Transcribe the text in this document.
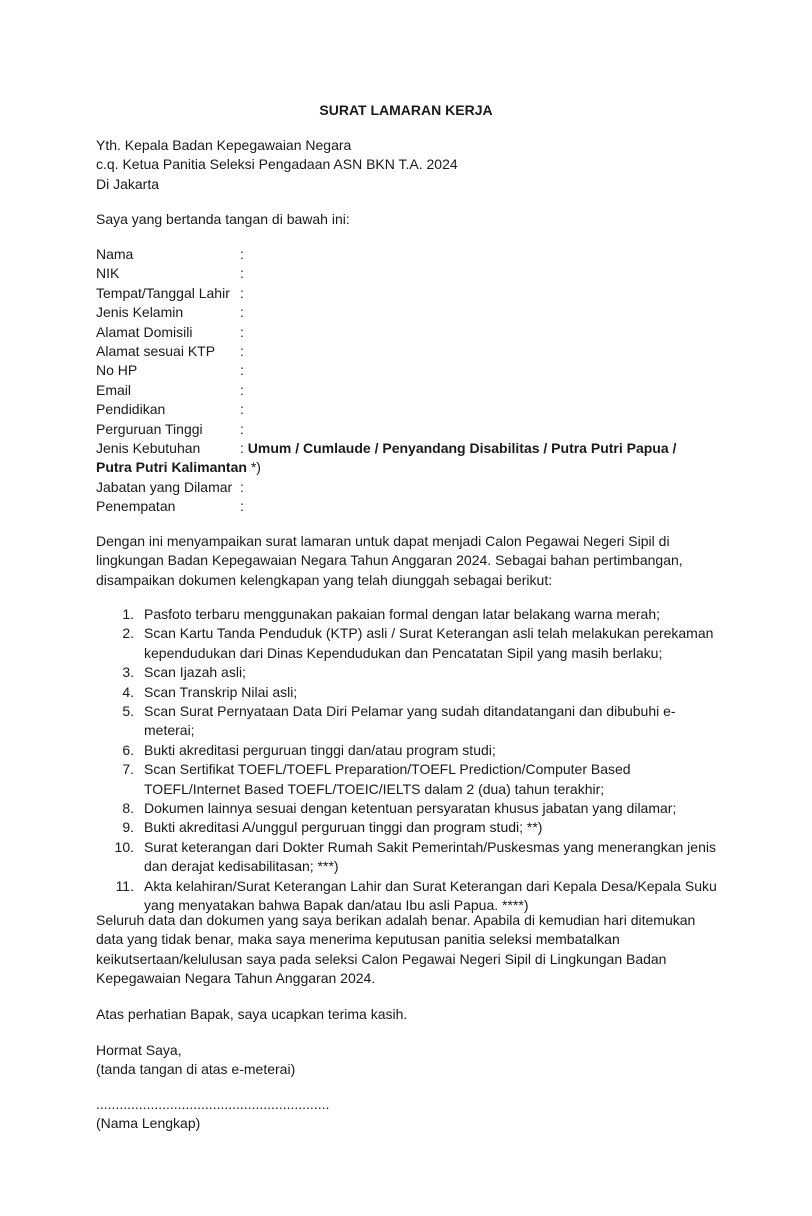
SURAT LAMARAN KERJA
Yth. Kepala Badan Kepegawaian Negara
c.q. Ketua Panitia Seleksi Pengadaan ASN BKN T.A. 2024
Di Jakarta
Saya yang bertanda tangan di bawah ini:
Nama	:
NIK	:
Tempat/Tanggal Lahir :
Jenis Kelamin	:
Alamat Domisili	:
Alamat sesuai KTP :
No HP	:
Email	:
Pendidikan	:
Perguruan Tinggi	:
Jenis Kebutuhan	: Umum / Cumlaude / Penyandang Disabilitas / Putra Putri Papua / Putra Putri Kalimantan *)
Jabatan yang Dilamar :
Penempatan	:
Dengan ini menyampaikan surat lamaran untuk dapat menjadi Calon Pegawai Negeri Sipil di lingkungan Badan Kepegawaian Negara Tahun Anggaran 2024. Sebagai bahan pertimbangan, disampaikan dokumen kelengkapan yang telah diunggah sebagai berikut:
1. Pasfoto terbaru menggunakan pakaian formal dengan latar belakang warna merah;
2. Scan Kartu Tanda Penduduk (KTP) asli / Surat Keterangan asli telah melakukan perekaman kependudukan dari Dinas Kependudukan dan Pencatatan Sipil yang masih berlaku;
3. Scan Ijazah asli;
4. Scan Transkrip Nilai asli;
5. Scan Surat Pernyataan Data Diri Pelamar yang sudah ditandatangani dan dibubuhi e-meterai;
6. Bukti akreditasi perguruan tinggi dan/atau program studi;
7. Scan Sertifikat TOEFL/TOEFL Preparation/TOEFL Prediction/Computer Based TOEFL/Internet Based TOEFL/TOEIC/IELTS dalam 2 (dua) tahun terakhir;
8. Dokumen lainnya sesuai dengan ketentuan persyaratan khusus jabatan yang dilamar;
9. Bukti akreditasi A/unggul perguruan tinggi dan program studi; **)
10. Surat keterangan dari Dokter Rumah Sakit Pemerintah/Puskesmas yang menerangkan jenis dan derajat kedisabilitasan; ***)
11. Akta kelahiran/Surat Keterangan Lahir dan Surat Keterangan dari Kepala Desa/Kepala Suku yang menyatakan bahwa Bapak dan/atau Ibu asli Papua. ****)
Seluruh data dan dokumen yang saya berikan adalah benar. Apabila di kemudian hari ditemukan data yang tidak benar, maka saya menerima keputusan panitia seleksi membatalkan keikutsertaan/kelulusan saya pada seleksi Calon Pegawai Negeri Sipil di Lingkungan Badan Kepegawaian Negara Tahun Anggaran 2024.
Atas perhatian Bapak, saya ucapkan terima kasih.
Hormat Saya,
(tanda tangan di atas e-meterai)
............................................................
(Nama Lengkap)
